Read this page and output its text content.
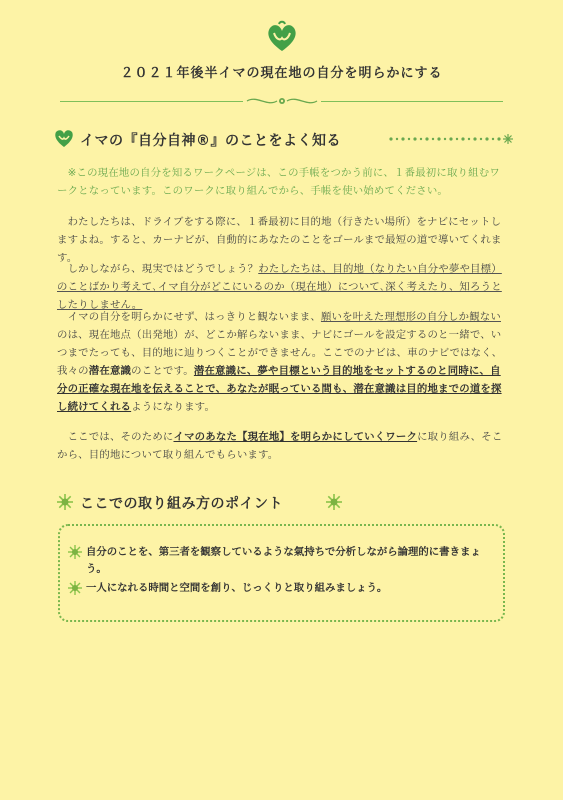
２０２１年後半イマの現在地の自分を明らかにする
イマの『自分自神®』のことをよく知る
 ※この現在地の自分を知るワークページは、この手帳をつかう前に、１番最初に取り組むワークとなっています。このワークに取り組んでから、手帳を使い始めてください。
 わたしたちは、ドライブをする際に、１番最初に目的地（行きたい場所）をナビにセットしますよね。すると、カーナビが、自動的にあなたのことをゴールまで最短の道で導いてくれます。
 しかしながら、現実ではどうでしょう？わたしたちは、目的地（なりたい自分や夢や目標）のことばかり考えて､イマ自分がどこにいるのか（現在地）について､深く考えたり、知ろうとしたりしません。
 イマの自分を明らかにせず、はっきりと観ないまま、願いを叶えた理想形の自分しか観ないのは、現在地点（出発地）が、どこか解らないまま、ナビにゴールを設定するのと一緒で、いつまでたっても、目的地に辿りつくことができません。ここでのナビは、車のナビではなく、我々の潜在意識のことです。潜在意識に、夢や目標という目的地をセットするのと同時に、自分の正確な現在地を伝えることで、あなたが眠っている間も、潜在意識は目的地までの道を探し続けてくれるようになります。
 ここでは、そのためにイマのあなた【現在地】を明らかにしていくワークに取り組み、そこから、目的地について取り組んでもらいます。
ここでの取り組み方のポイント
自分のことを、第三者を観察しているような氣持ちで分析しながら論理的に書きまょう。
一人になれる時間と空間を創り、じっくりと取り組みましょう。
